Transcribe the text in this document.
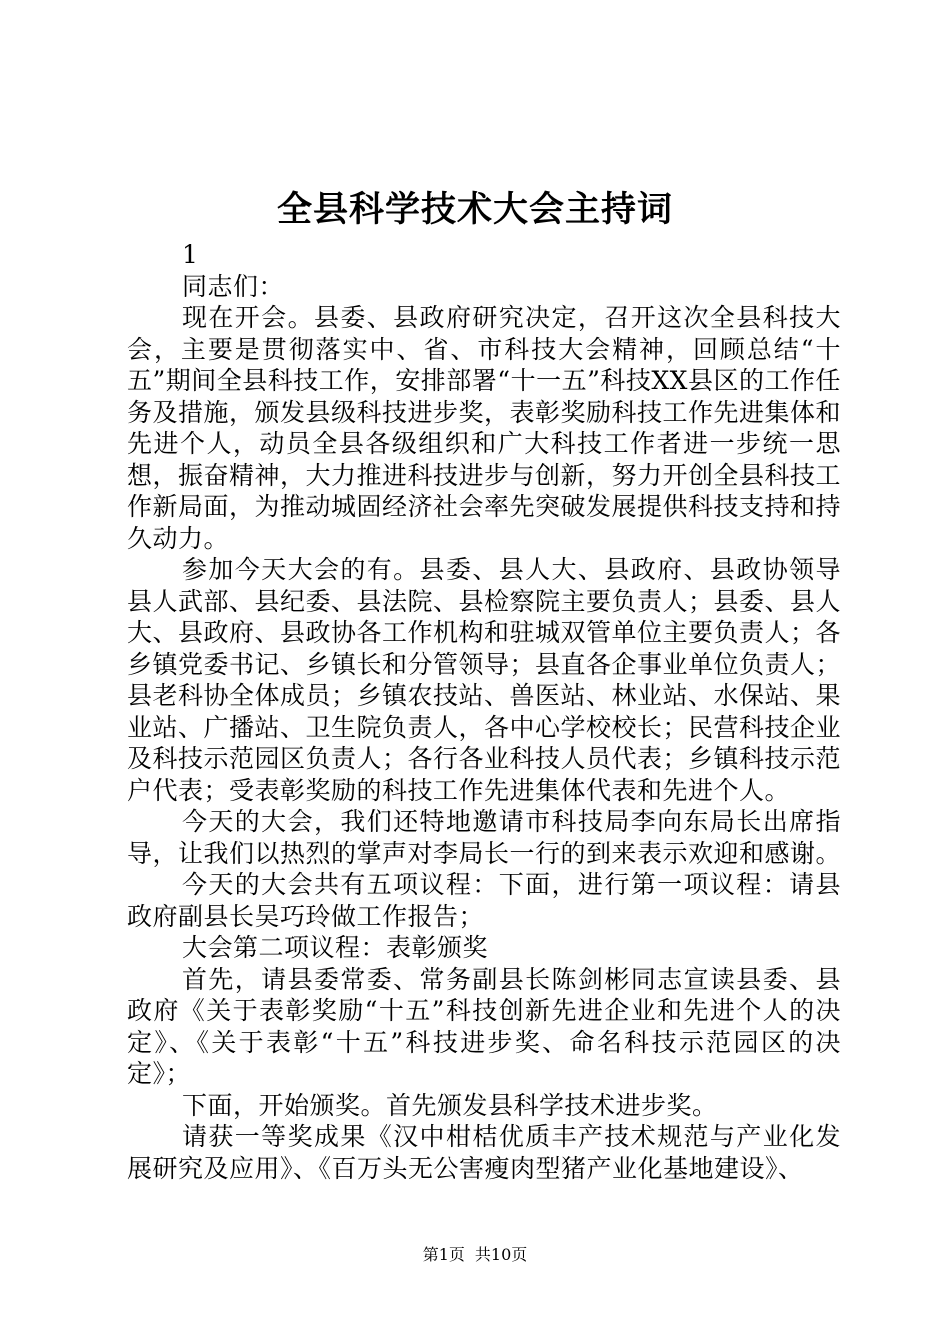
全县科学技术大会主持词

1

同志们：

现在开会。县委、县政府研究决定，召开这次全县科技大会，主要是贯彻落实中、省、市科技大会精神，回顾总结“十五”期间全县科技工作，安排部署“十一五”科技XX县区的工作任务及措施，颁发县级科技进步奖，表彰奖励科技工作先进集体和先进个人，动员全县各级组织和广大科技工作者进一步统一思想，振奋精神，大力推进科技进步与创新，努力开创全县科技工作新局面，为推动城固经济社会率先突破发展提供科技支持和持久动力。

参加今天大会的有。县委、县人大、县政府、县政协领导县人武部、县纪委、县法院、县检察院主要负责人；县委、县人大、县政府、县政协各工作机构和驻城双管单位主要负责人；各乡镇党委书记、乡镇长和分管领导；县直各企事业单位负责人；县老科协全体成员；乡镇农技站、兽医站、林业站、水保站、果业站、广播站、卫生院负责人，各中心学校校长；民营科技企业及科技示范园区负责人；各行各业科技人员代表；乡镇科技示范户代表；受表彰奖励的科技工作先进集体代表和先进个人。

今天的大会，我们还特地邀请市科技局李向东局长出席指导，让我们以热烈的掌声对李局长一行的到来表示欢迎和感谢。

今天的大会共有五项议程：下面，进行第一项议程：请县政府副县长吴巧玲做工作报告；

大会第二项议程：表彰颁奖

首先，请县委常委、常务副县长陈剑彬同志宣读县委、县政府《关于表彰奖励“十五”科技创新先进企业和先进个人的决定》、《关于表彰“十五”科技进步奖、命名科技示范园区的决定》；

下面，开始颁奖。首先颁发县科学技术进步奖。

请获一等奖成果《汉中柑桔优质丰产技术规范与产业化发展研究及应用》、《百万头无公害瘦肉型猪产业化基地建设》、

第1页 共10页
